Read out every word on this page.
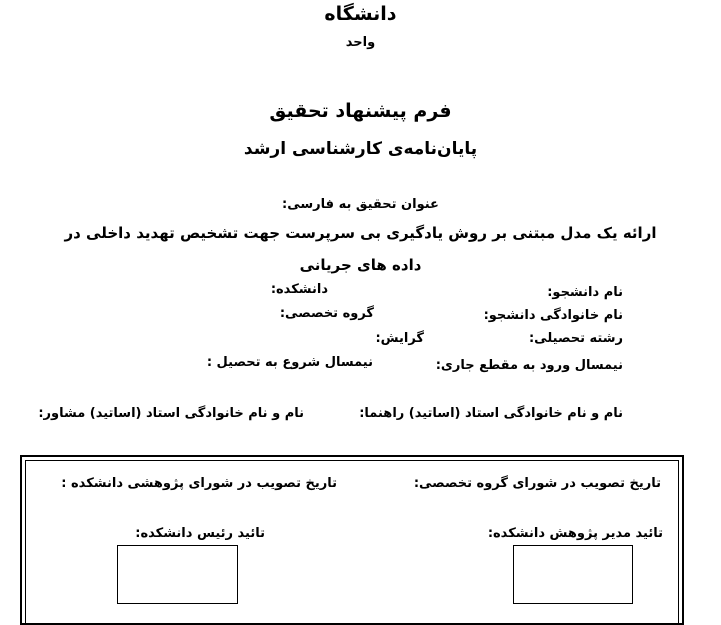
دانشگاه
واحد
فرم پیشنهاد تحقیق
پایان‌نامه‌ی کارشناسی ارشد
عنوان تحقیق به فارسی:
ارائه یک مدل مبتنی بر روش یادگیری بی سرپرست جهت تشخیص تهدید داخلی در
داده های جریانی
نام دانشجو:
دانشکده:
نام خانوادگی دانشجو:
گروه تخصصی:
رشته تحصیلی:
گرایش:
نیمسال ورود به مقطع جاری:
نیمسال شروع به تحصیل :
نام و نام خانوادگی استاد (اساتید) راهنما:
نام و نام خانوادگی استاد (اساتید) مشاور:
تاریخ تصویب در شورای گروه تخصصی:
تاریخ تصویب در شورای پژوهشی دانشکده :
تائید مدیر پژوهش دانشکده:
تائید رئیس دانشکده:
